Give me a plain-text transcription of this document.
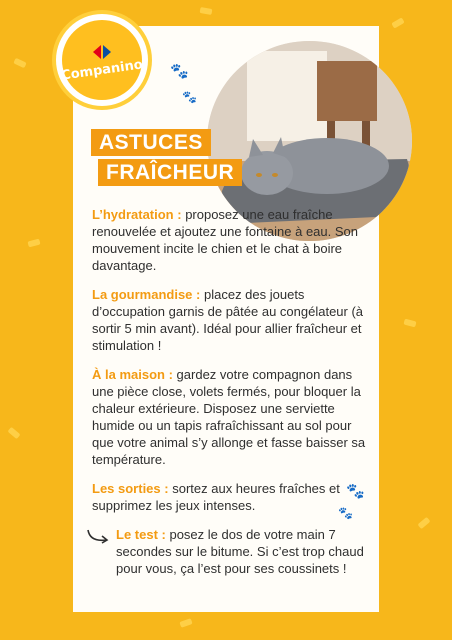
Companino 🐾
🐾
🐾
🐾
ASTUCES
FRAÎCHEUR

L’hydratation : proposez une eau fraîche renouvelée et ajoutez une fontaine à eau. Son mouvement incite le chien et le chat à boire davantage.

La gourmandise : placez des jouets d’occupation garnis de pâtée au congélateur (à sortir 5 min avant). Idéal pour allier fraîcheur et stimulation !

À la maison : gardez votre compagnon dans une pièce close, volets fermés, pour bloquer la chaleur extérieure. Disposez une serviette humide ou un tapis rafraîchissant au sol pour que votre animal s’y allonge et fasse baisser sa température.

Les sorties : sortez aux heures fraîches et supprimez les jeux intenses.

Le test : posez le dos de votre main 7 secondes sur le bitume. Si c’est trop chaud pour vous, ça l’est pour ses coussinets !
